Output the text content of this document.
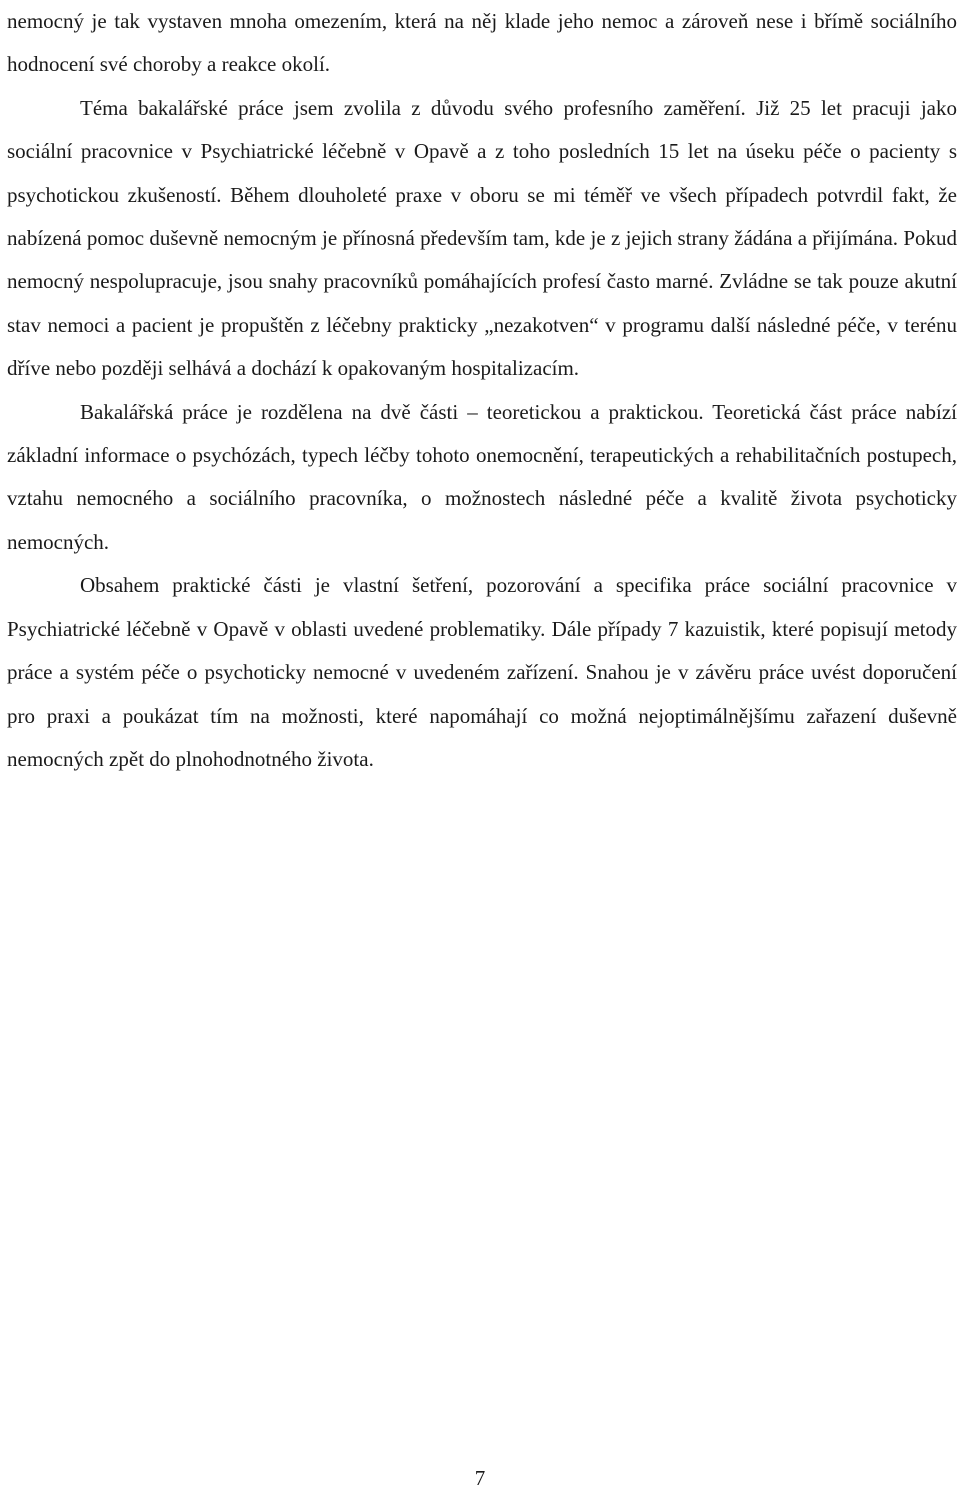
nemocný je tak vystaven mnoha omezením, která na něj klade jeho nemoc a zároveň nese i břímě sociálního hodnocení své choroby a reakce okolí.

Téma bakalářské práce jsem zvolila z důvodu svého profesního zaměření. Již 25 let pracuji jako sociální pracovnice v Psychiatrické léčebně v Opavě a z toho posledních 15 let na úseku péče o pacienty s psychotickou zkušeností. Během dlouholeté praxe v oboru se mi téměř ve všech případech potvrdil fakt, že nabízená pomoc duševně nemocným je přínosná především tam, kde je z jejich strany žádána a přijímána. Pokud nemocný nespolupracuje, jsou snahy pracovníků pomáhajících profesí často marné. Zvládne se tak pouze akutní stav nemoci a pacient je propuštěn z léčebny prakticky „nezakotven“ v programu další následné péče, v terénu dříve nebo později selhává a dochází k opakovaným hospitalizacím.

Bakalářská práce je rozdělena na dvě části – teoretickou a praktickou. Teoretická část práce nabízí základní informace o psychózách, typech léčby tohoto onemocnění, terapeutických a rehabilitačních postupech, vztahu nemocného a sociálního pracovníka, o možnostech následné péče a kvalitě života psychoticky nemocných.

Obsahem praktické části je vlastní šetření, pozorování a specifika práce sociální pracovnice v Psychiatrické léčebně v Opavě v oblasti uvedené problematiky. Dále případy 7 kazuistik, které popisují metody práce a systém péče o psychoticky nemocné v uvedeném zařízení. Snahou je v závěru práce uvést doporučení pro praxi a poukázat tím na možnosti, které napomáhají co možná nejoptimálnějšímu zařazení duševně nemocných zpět do plnohodnotného života.

7
